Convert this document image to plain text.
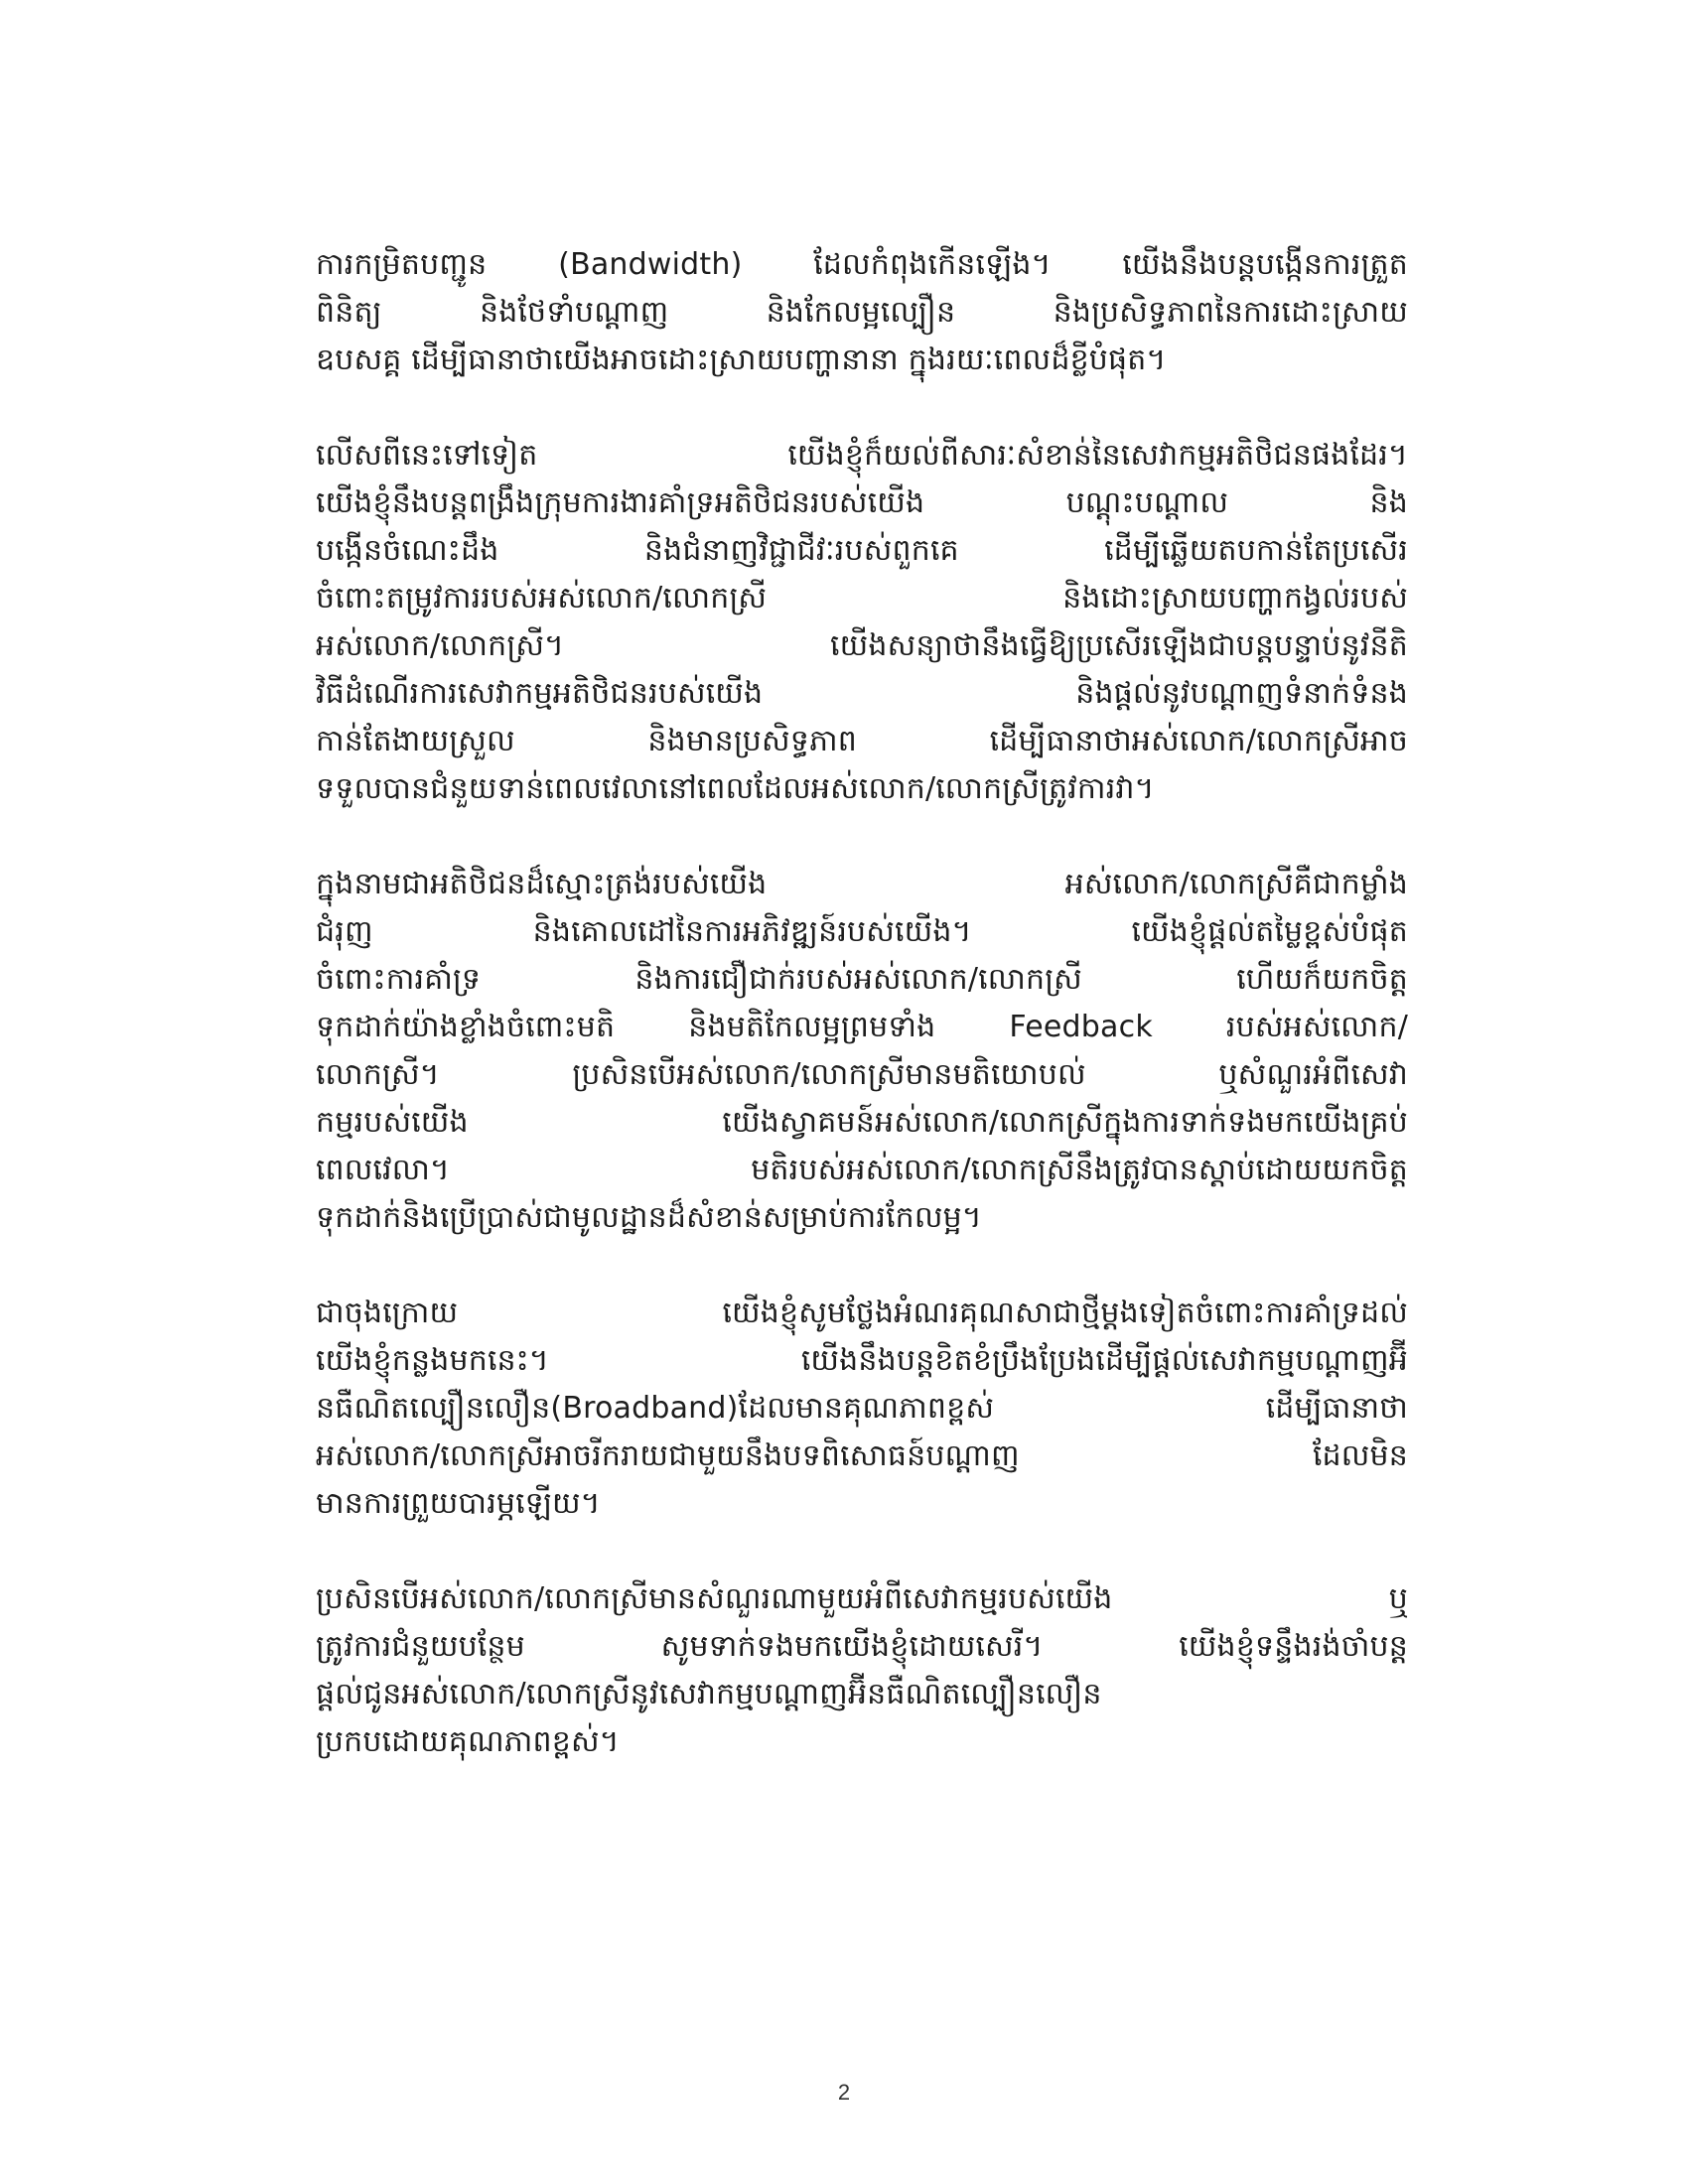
ការកម្រិតបញ្ជូន (Bandwidth) ដែលកំពុងកើនឡើង។ យើងនឹងបន្តបង្កើនការត្រួត
ពិនិត្យ និងថែទាំបណ្តាញ និងកែលម្អល្បឿន និងប្រសិទ្ធភាពនៃការដោះស្រាយ
ឧបសគ្គ ដើម្បីធានាថាយើងអាចដោះស្រាយបញ្ហានានា ក្នុងរយៈពេលដ៏ខ្លីបំផុត។
លើសពីនេះទៅទៀត យើងខ្ញុំក៏យល់ពីសារៈសំខាន់នៃសេវាកម្មអតិថិជនផងដែរ។
យើងខ្ញុំនឹងបន្តពង្រឹងក្រុមការងារគាំទ្រអតិថិជនរបស់យើង បណ្តុះបណ្តាល និង
បង្កើនចំណេះដឹង និងជំនាញវិជ្ជាជីវៈរបស់ពួកគេ ដើម្បីឆ្លើយតបកាន់តែប្រសើរ
ចំពោះតម្រូវការរបស់អស់លោក/លោកស្រី និងដោះស្រាយបញ្ហាកង្វល់របស់
អស់លោក/លោកស្រី។ យើងសន្យាថានឹងធ្វើឱ្យប្រសើរឡើងជាបន្តបន្ទាប់នូវនីតិ
វិធីដំណើរការសេវាកម្មអតិថិជនរបស់យើង និងផ្តល់នូវបណ្តាញទំនាក់ទំនង
កាន់តែងាយស្រួល និងមានប្រសិទ្ធភាព ដើម្បីធានាថាអស់លោក/លោកស្រីអាច
ទទួលបានជំនួយទាន់ពេលវេលានៅពេលដែលអស់លោក/លោកស្រីត្រូវការវា។
ក្នុងនាមជាអតិថិជនដ៏ស្មោះត្រង់របស់យើង អស់លោក/លោកស្រីគឺជាកម្លាំង
ជំរុញ និងគោលដៅនៃការអភិវឌ្ឍន៍របស់យើង។ យើងខ្ញុំផ្តល់តម្លៃខ្ពស់បំផុត
ចំពោះការគាំទ្រ និងការជឿជាក់របស់អស់លោក/លោកស្រី ហើយក៏យកចិត្ត
ទុកដាក់យ៉ាងខ្លាំងចំពោះមតិ និងមតិកែលម្អព្រមទាំង Feedback របស់អស់លោក/
លោកស្រី។ ប្រសិនបើអស់លោក/លោកស្រីមានមតិយោបល់ ឬសំណួរអំពីសេវា
កម្មរបស់យើង យើងស្វាគមន៍អស់លោក/លោកស្រីក្នុងការទាក់ទងមកយើងគ្រប់
ពេលវេលា។ មតិរបស់អស់លោក/លោកស្រីនឹងត្រូវបានស្តាប់ដោយយកចិត្ត
ទុកដាក់និងប្រើប្រាស់ជាមូលដ្ឋានដ៏សំខាន់សម្រាប់ការកែលម្អ។
ជាចុងក្រោយ យើងខ្ញុំសូមថ្លែងអំណរគុណសាជាថ្មីម្តងទៀតចំពោះការគាំទ្រដល់
យើងខ្ញុំកន្លងមកនេះ។ យើងនឹងបន្តខិតខំប្រឹងប្រែងដើម្បីផ្តល់សេវាកម្មបណ្តាញអ៊ី
នធឺណិតល្បឿនលឿន(Broadband)ដែលមានគុណភាពខ្ពស់ ដើម្បីធានាថា
អស់លោក/លោកស្រីអាចរីករាយជាមួយនឹងបទពិសោធន៍បណ្តាញ ដែលមិន
មានការព្រួយបារម្ភឡើយ។
ប្រសិនបើអស់លោក/លោកស្រីមានសំណួរណាមួយអំពីសេវាកម្មរបស់យើង ឬ
ត្រូវការជំនួយបន្ថែម សូមទាក់ទងមកយើងខ្ញុំដោយសេរី។ យើងខ្ញុំទន្ទឹងរង់ចាំបន្ត
ផ្តល់ជូនអស់លោក/លោកស្រីនូវសេវាកម្មបណ្តាញអ៊ីនធឺណិតល្បឿនលឿន
ប្រកបដោយគុណភាពខ្ពស់។
2
